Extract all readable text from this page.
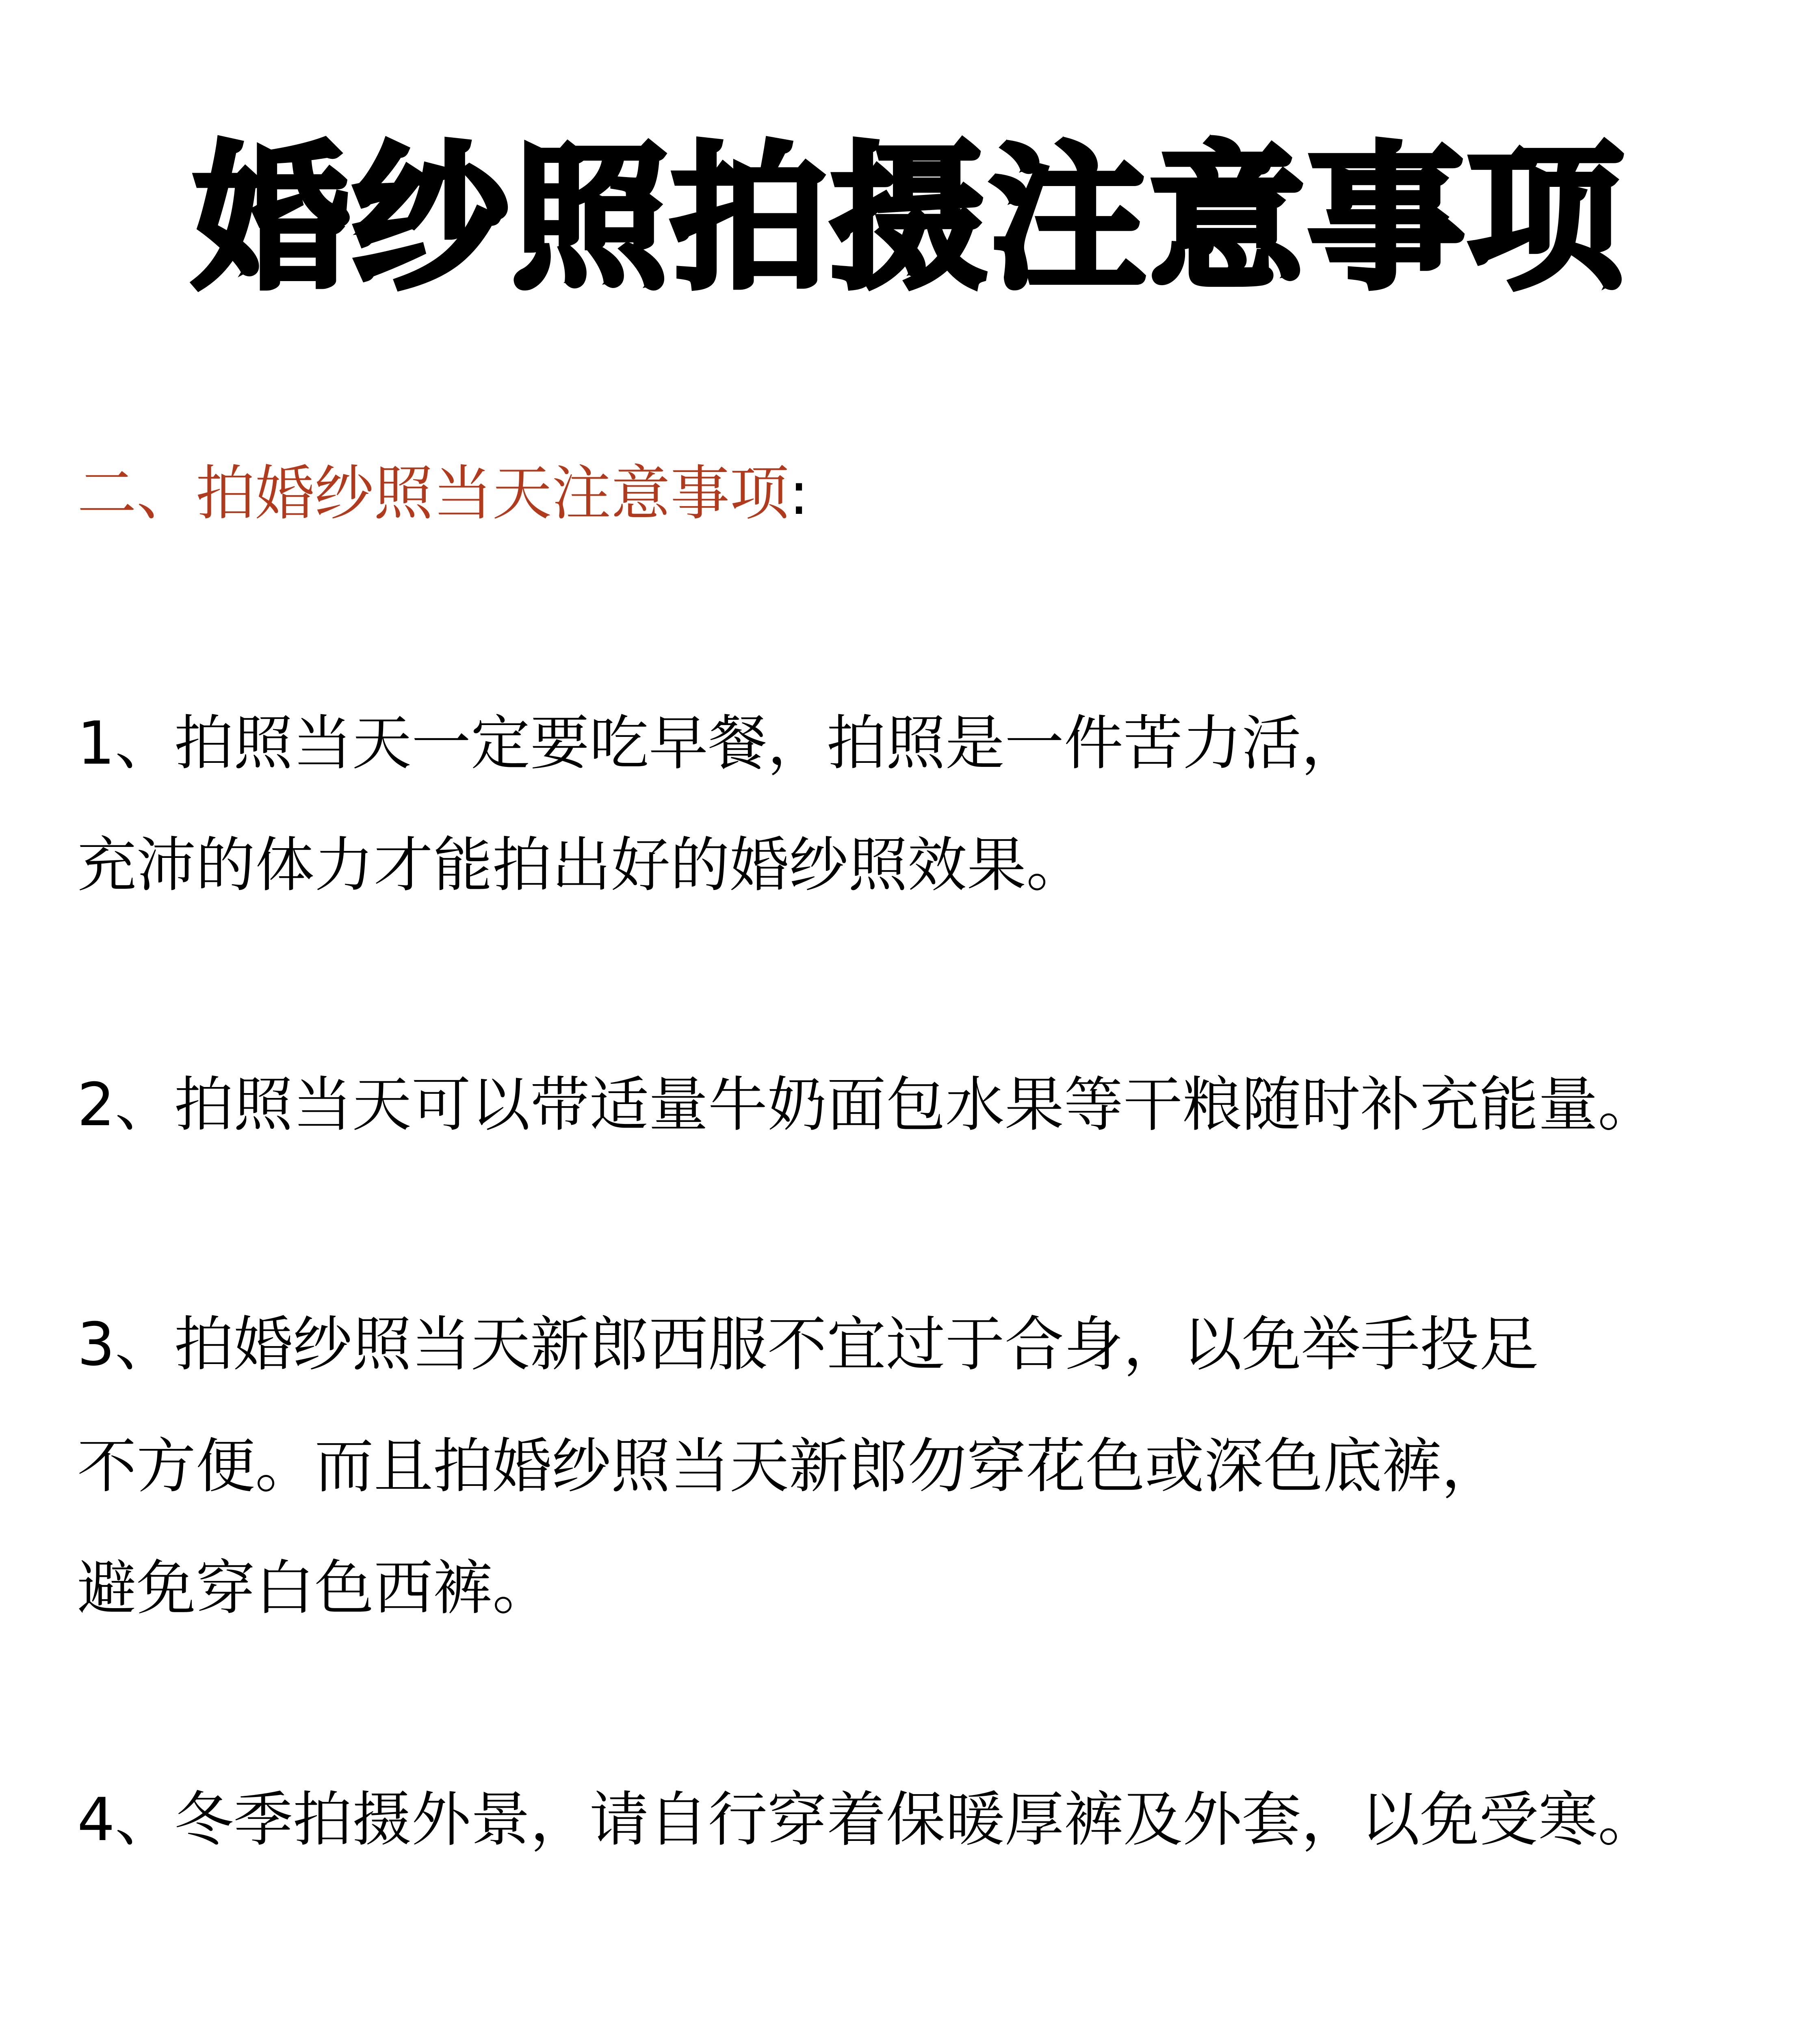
婚纱照拍摄注意事项
二、拍婚纱照当天注意事项:
1、拍照当天一定要吃早餐，拍照是一件苦力活，
充沛的体力才能拍出好的婚纱照效果。
2、拍照当天可以带适量牛奶面包水果等干粮随时补充能量。
3、拍婚纱照当天新郎西服不宜过于合身，以免举手投足
不方便。而且拍婚纱照当天新郎勿穿花色或深色底裤，
避免穿白色西裤。
4、冬季拍摄外景，请自行穿着保暖厚裤及外套，以免受寒。
